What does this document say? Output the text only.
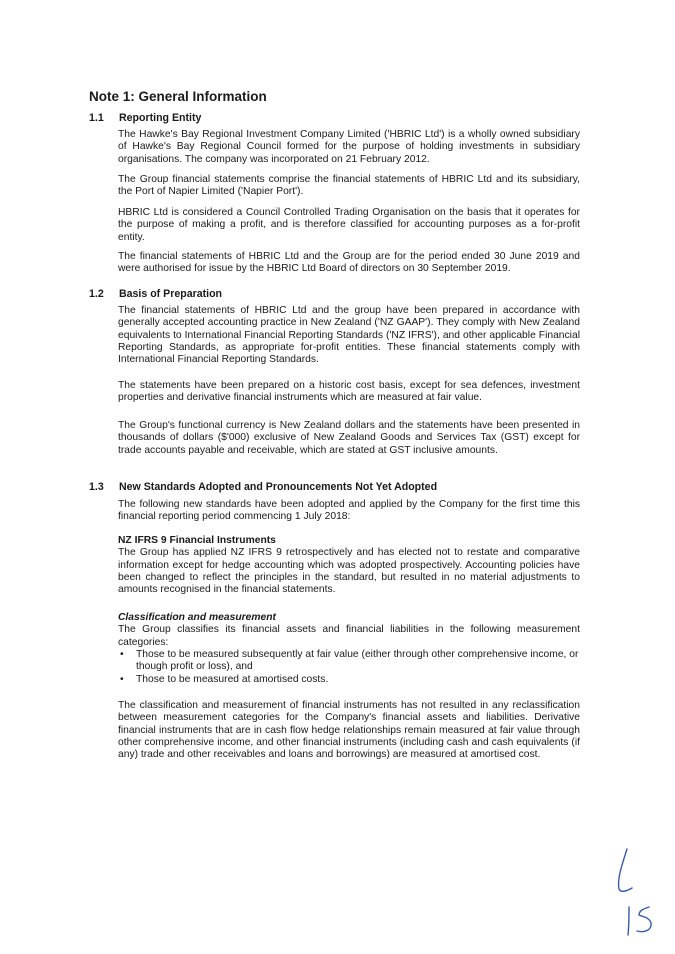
Note 1: General Information
1.1 Reporting Entity

The Hawke's Bay Regional Investment Company Limited ('HBRIC Ltd') is a wholly owned subsidiary of Hawke's Bay Regional Council formed for the purpose of holding investments in subsidiary organisations. The company was incorporated on 21 February 2012.

The Group financial statements comprise the financial statements of HBRIC Ltd and its subsidiary, the Port of Napier Limited ('Napier Port').

HBRIC Ltd is considered a Council Controlled Trading Organisation on the basis that it operates for the purpose of making a profit, and is therefore classified for accounting purposes as a for-profit entity.

The financial statements of HBRIC Ltd and the Group are for the period ended 30 June 2019 and were authorised for issue by the HBRIC Ltd Board of directors on 30 September 2019.

1.2 Basis of Preparation

The financial statements of HBRIC Ltd and the group have been prepared in accordance with generally accepted accounting practice in New Zealand ('NZ GAAP'). They comply with New Zealand equivalents to International Financial Reporting Standards ('NZ IFRS'), and other applicable Financial Reporting Standards, as appropriate for-profit entities. These financial statements comply with International Financial Reporting Standards.

The statements have been prepared on a historic cost basis, except for sea defences, investment properties and derivative financial instruments which are measured at fair value.

The Group's functional currency is New Zealand dollars and the statements have been presented in thousands of dollars ($'000) exclusive of New Zealand Goods and Services Tax (GST) except for trade accounts payable and receivable, which are stated at GST inclusive amounts.

1.3 New Standards Adopted and Pronouncements Not Yet Adopted

The following new standards have been adopted and applied by the Company for the first time this financial reporting period commencing 1 July 2018:

NZ IFRS 9 Financial Instruments
The Group has applied NZ IFRS 9 retrospectively and has elected not to restate and comparative information except for hedge accounting which was adopted prospectively. Accounting policies have been changed to reflect the principles in the standard, but resulted in no material adjustments to amounts recognised in the financial statements.
Classification and measurement
The Group classifies its financial assets and financial liabilities in the following measurement categories:
• Those to be measured subsequently at fair value (either through other comprehensive income, or though profit or loss), and
• Those to be measured at amortised costs.

The classification and measurement of financial instruments has not resulted in any reclassification between measurement categories for the Company's financial assets and liabilities. Derivative financial instruments that are in cash flow hedge relationships remain measured at fair value through other comprehensive income, and other financial instruments (including cash and cash equivalents (if any) trade and other receivables and loans and borrowings) are measured at amortised cost.
